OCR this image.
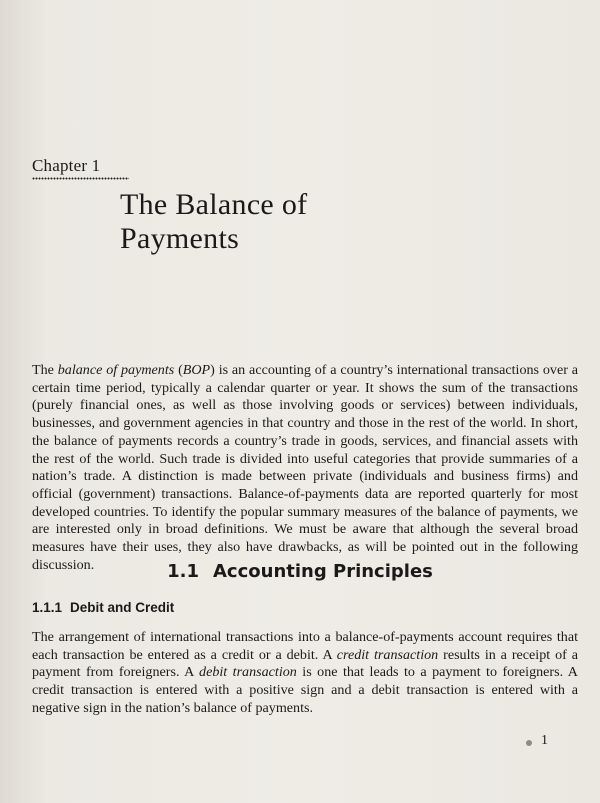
Chapter 1
The Balance of Payments
The balance of payments (BOP) is an accounting of a country’s international transactions over a certain time period, typically a calendar quarter or year. It shows the sum of the transactions (purely financial ones, as well as those involving goods or services) between individuals, businesses, and government agencies in that country and those in the rest of the world. In short, the balance of payments records a country’s trade in goods, services, and financial assets with the rest of the world. Such trade is divided into useful categories that provide summaries of a nation’s trade. A distinction is made between private (individuals and business firms) and official (government) transactions. Balance-of-payments data are reported quarterly for most developed countries. To identify the popular summary measures of the balance of payments, we are interested only in broad definitions. We must be aware that although the several broad measures have their uses, they also have drawbacks, as will be pointed out in the following discussion.	1.1 Accounting Principles
1.1.1 Debit and Credit
The arrangement of international transactions into a balance-of-payments account requires that each transaction be entered as a credit or a debit. A credit transaction results in a receipt of a payment from foreigners. A debit transaction is one that leads to a payment to foreigners. A credit transaction is entered with a positive sign and a debit transaction is entered with a negative sign in the nation’s balance of payments.
1
